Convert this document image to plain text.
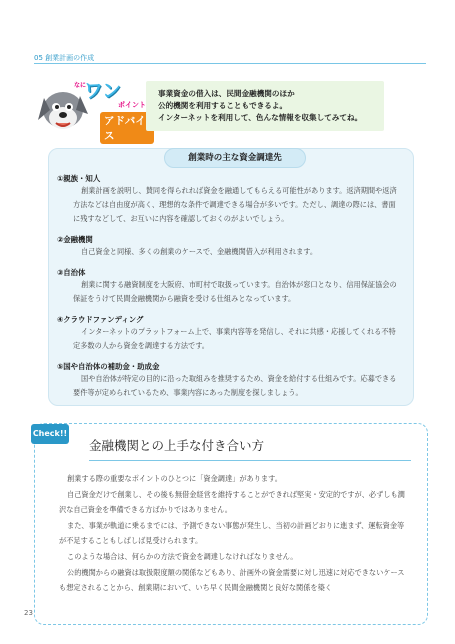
05 創業計画の作成
なに
ワン
ポイント
アドバイス
事業資金の借入は、民間金融機関のほか
公的機関を利用することもできるよ。
インターネットを利用して、色んな情報を収集してみてね。
創業時の主な資金調達先
①親族・知人
創業計画を説明し、賛同を得られれば資金を融通してもらえる可能性があります。返済期間や返済方法などは自由度が高く、理想的な条件で調達できる場合が多いです。ただし、調達の際には、書面に残すなどして、お互いに内容を確認しておくのがよいでしょう。
②金融機関
自己資金と同様、多くの創業のケースで、金融機関借入が利用されます。
③自治体
創業に関する融資制度を大阪府、市町村で取扱っています。自治体が窓口となり、信用保証協会の保証をうけて民間金融機関から融資を受ける仕組みとなっています。
④クラウドファンディング
インターネットのプラットフォーム上で、事業内容等を発信し、それに共感・応援してくれる不特定多数の人から資金を調達する方法です。
⑤国や自治体の補助金・助成金
国や自治体が特定の目的に沿った取組みを推奨するため、資金を給付する仕組みです。応募できる要件等が定められているため、事業内容にあった制度を探しましょう。
Check!!
金融機関との上手な付き合い方

創業する際の重要なポイントのひとつに「資金調達」があります。

自己資金だけで創業し、その後も無借金経営を維持することができれば堅実・安定的ですが、必ずしも潤沢な自己資金を準備できる方ばかりではありません。

また、事業が軌道に乗るまでには、予測できない事態が発生し、当初の計画どおりに進まず、運転資金等が不足することもしばしば見受けられます。

このような場合は、何らかの方法で資金を調達しなければなりません。

公的機関からの融資は取扱限度額の関係などもあり、計画外の資金需要に対し迅速に対応できないケースも想定されることから、創業期において、いち早く民間金融機関と良好な関係を築く

23
